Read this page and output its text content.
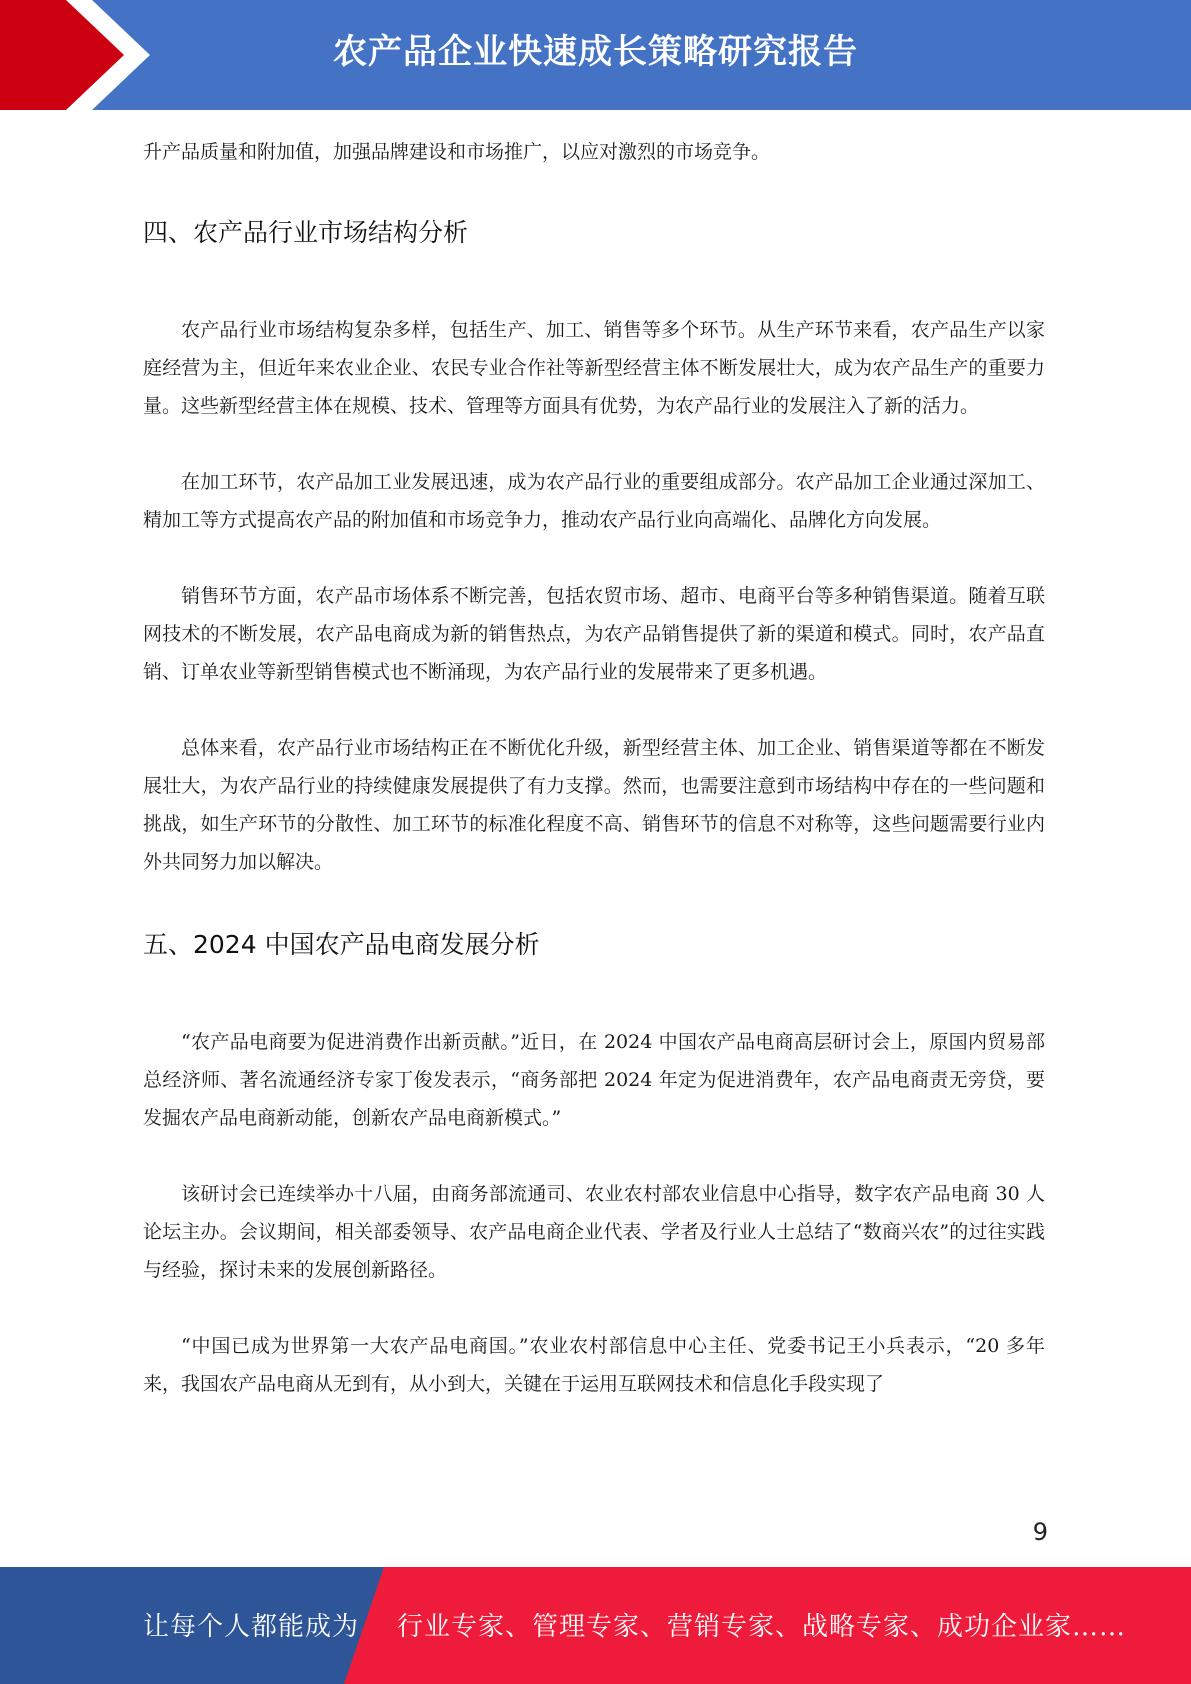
农产品企业快速成长策略研究报告

升产品质量和附加值，加强品牌建设和市场推广，以应对激烈的市场竞争。

四、农产品行业市场结构分析

农产品行业市场结构复杂多样，包括生产、加工、销售等多个环节。从生产环节来看，农产品生产以家庭经营为主，但近年来农业企业、农民专业合作社等新型经营主体不断发展壮大，成为农产品生产的重要力量。这些新型经营主体在规模、技术、管理等方面具有优势，为农产品行业的发展注入了新的活力。

在加工环节，农产品加工业发展迅速，成为农产品行业的重要组成部分。农产品加工企业通过深加工、精加工等方式提高农产品的附加值和市场竞争力，推动农产品行业向高端化、品牌化方向发展。

销售环节方面，农产品市场体系不断完善，包括农贸市场、超市、电商平台等多种销售渠道。随着互联网技术的不断发展，农产品电商成为新的销售热点，为农产品销售提供了新的渠道和模式。同时，农产品直销、订单农业等新型销售模式也不断涌现，为农产品行业的发展带来了更多机遇。

总体来看，农产品行业市场结构正在不断优化升级，新型经营主体、加工企业、销售渠道等都在不断发展壮大，为农产品行业的持续健康发展提供了有力支撑。然而，也需要注意到市场结构中存在的一些问题和挑战，如生产环节的分散性、加工环节的标准化程度不高、销售环节的信息不对称等，这些问题需要行业内外共同努力加以解决。

五、2024 中国农产品电商发展分析

“农产品电商要为促进消费作出新贡献。”近日，在 2024 中国农产品电商高层研讨会上，原国内贸易部总经济师、著名流通经济专家丁俊发表示，“商务部把 2024 年定为促进消费年，农产品电商责无旁贷，要发掘农产品电商新动能，创新农产品电商新模式。”

该研讨会已连续举办十八届，由商务部流通司、农业农村部农业信息中心指导，数字农产品电商 30 人论坛主办。会议期间，相关部委领导、农产品电商企业代表、学者及行业人士总结了“数商兴农”的过往实践与经验，探讨未来的发展创新路径。

“中国已成为世界第一大农产品电商国。”农业农村部信息中心主任、党委书记王小兵表示，“20 多年来，我国农产品电商从无到有，从小到大，关键在于运用互联网技术和信息化手段实现了

9
让每个人都能成为 行业专家、管理专家、营销专家、战略专家、成功企业家……
